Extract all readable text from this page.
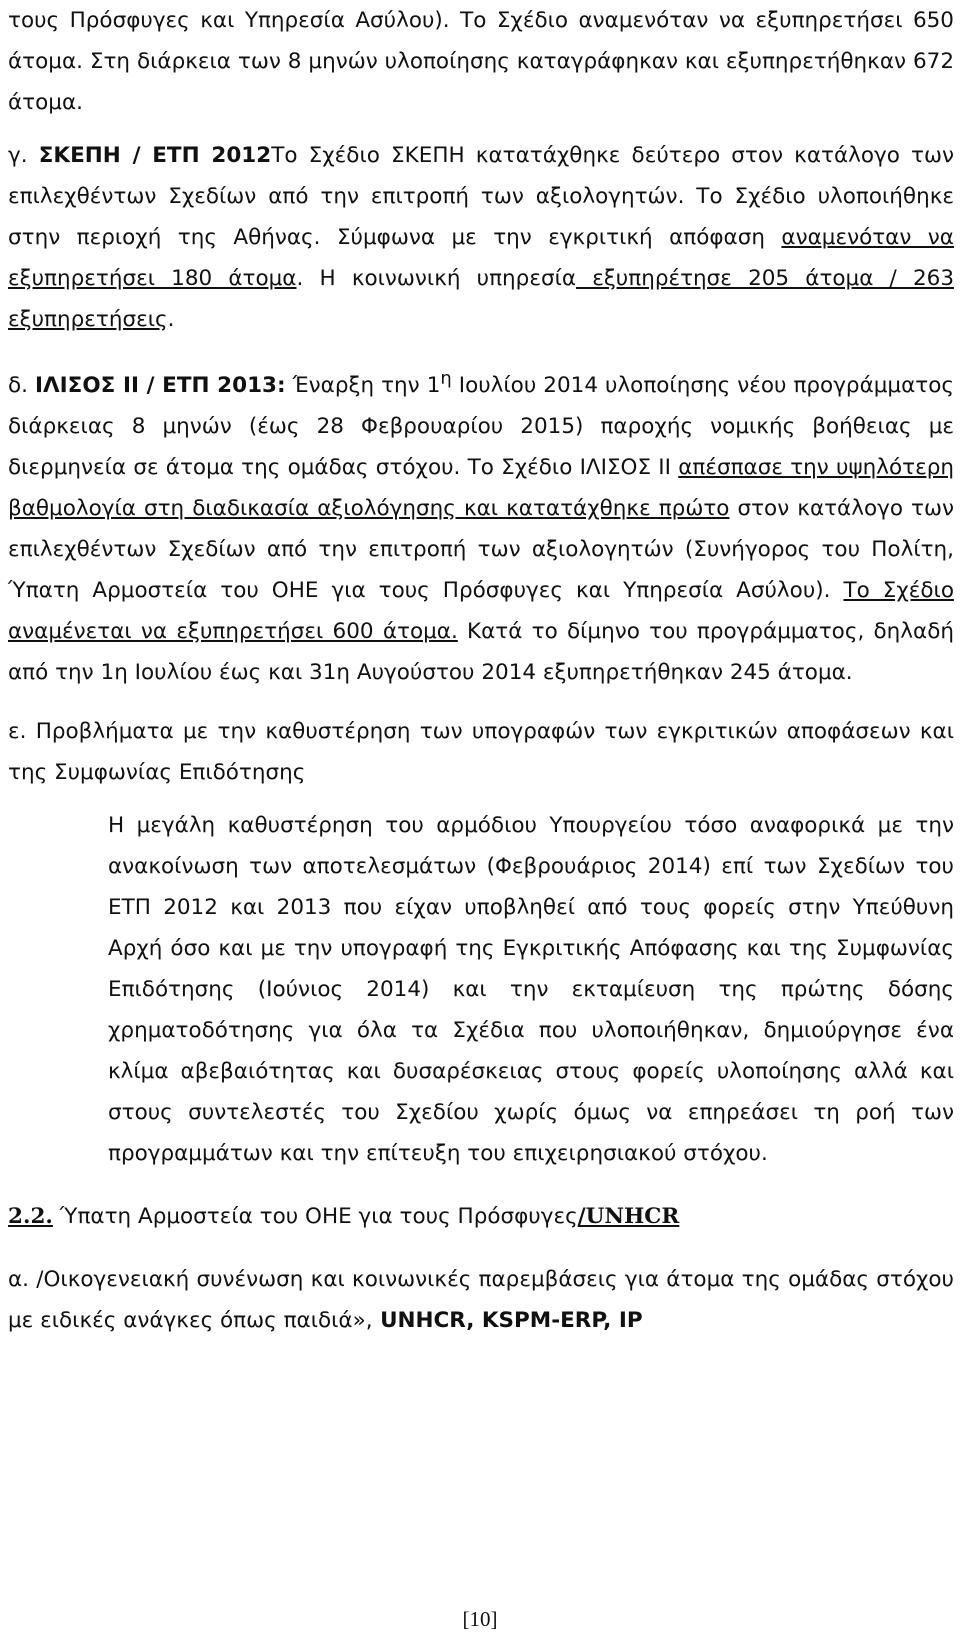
τους Πρόσφυγες και Υπηρεσία Ασύλου). Το Σχέδιο αναμενόταν να εξυπηρετήσει 650 άτομα. Στη διάρκεια των 8 μηνών υλοποίησης καταγράφηκαν και εξυπηρετήθηκαν 672 άτομα.

γ. ΣΚΕΠΗ / ΕΤΠ 2012Το Σχέδιο ΣΚΕΠΗ κατατάχθηκε δεύτερο στον κατάλογο των επιλεχθέντων Σχεδίων από την επιτροπή των αξιολογητών. Το Σχέδιο υλοποιήθηκε στην περιοχή της Αθήνας. Σύμφωνα με την εγκριτική απόφαση αναμενόταν να εξυπηρετήσει 180 άτομα. Η κοινωνική υπηρεσία εξυπηρέτησε 205 άτομα / 263 εξυπηρετήσεις.

δ. ΙΛΙΣΟΣ ΙΙ / ΕΤΠ 2013: Έναρξη την $1^\eta$ Ιουλίου 2014 υλοποίησης νέου προγράμματος διάρκειας 8 μηνών (έως 28 Φεβρουαρίου 2015) παροχής νομικής βοήθειας με διερμηνεία σε άτομα της ομάδας στόχου. Το Σχέδιο ΙΛΙΣΟΣ ΙΙ απέσπασε την υψηλότερη βαθμολογία στη διαδικασία αξιολόγησης και κατατάχθηκε πρώτο στον κατάλογο των επιλεχθέντων Σχεδίων από την επιτροπή των αξιολογητών (Συνήγορος του Πολίτη, Ύπατη Αρμοστεία του ΟΗΕ για τους Πρόσφυγες και Υπηρεσία Ασύλου). Το Σχέδιο αναμένεται να εξυπηρετήσει 600 άτομα. Κατά το δίμηνο του προγράμματος, δηλαδή από την 1η Ιουλίου έως και 31η Αυγούστου 2014 εξυπηρετήθηκαν 245 άτομα.

ε. Προβλήματα με την καθυστέρηση των υπογραφών των εγκριτικών αποφάσεων και της Συμφωνίας Επιδότησης

Η μεγάλη καθυστέρηση του αρμόδιου Υπουργείου τόσο αναφορικά με την ανακοίνωση των αποτελεσμάτων (Φεβρουάριος 2014) επί των Σχεδίων του ΕΤΠ 2012 και 2013 που είχαν υποβληθεί από τους φορείς στην Υπεύθυνη Αρχή όσο και με την υπογραφή της Εγκριτικής Απόφασης και της Συμφωνίας Επιδότησης (Ιούνιος 2014) και την εκταμίευση της πρώτης δόσης χρηματοδότησης για όλα τα Σχέδια που υλοποιήθηκαν, δημιούργησε ένα κλίμα αβεβαιότητας και δυσαρέσκειας στους φορείς υλοποίησης αλλά και στους συντελεστές του Σχεδίου χωρίς όμως να επηρεάσει τη ροή των προγραμμάτων και την επίτευξη του επιχειρησιακού στόχου.

2.2. Ύπατη Αρμοστεία του ΟΗΕ για τους Πρόσφυγες/UNHCR

α. /Οικογενειακή συνένωση και κοινωνικές παρεμβάσεις για άτομα της ομάδας στόχου με ειδικές ανάγκες όπως παιδιά», UNHCR, KSPM-ERP, IP

[10]
